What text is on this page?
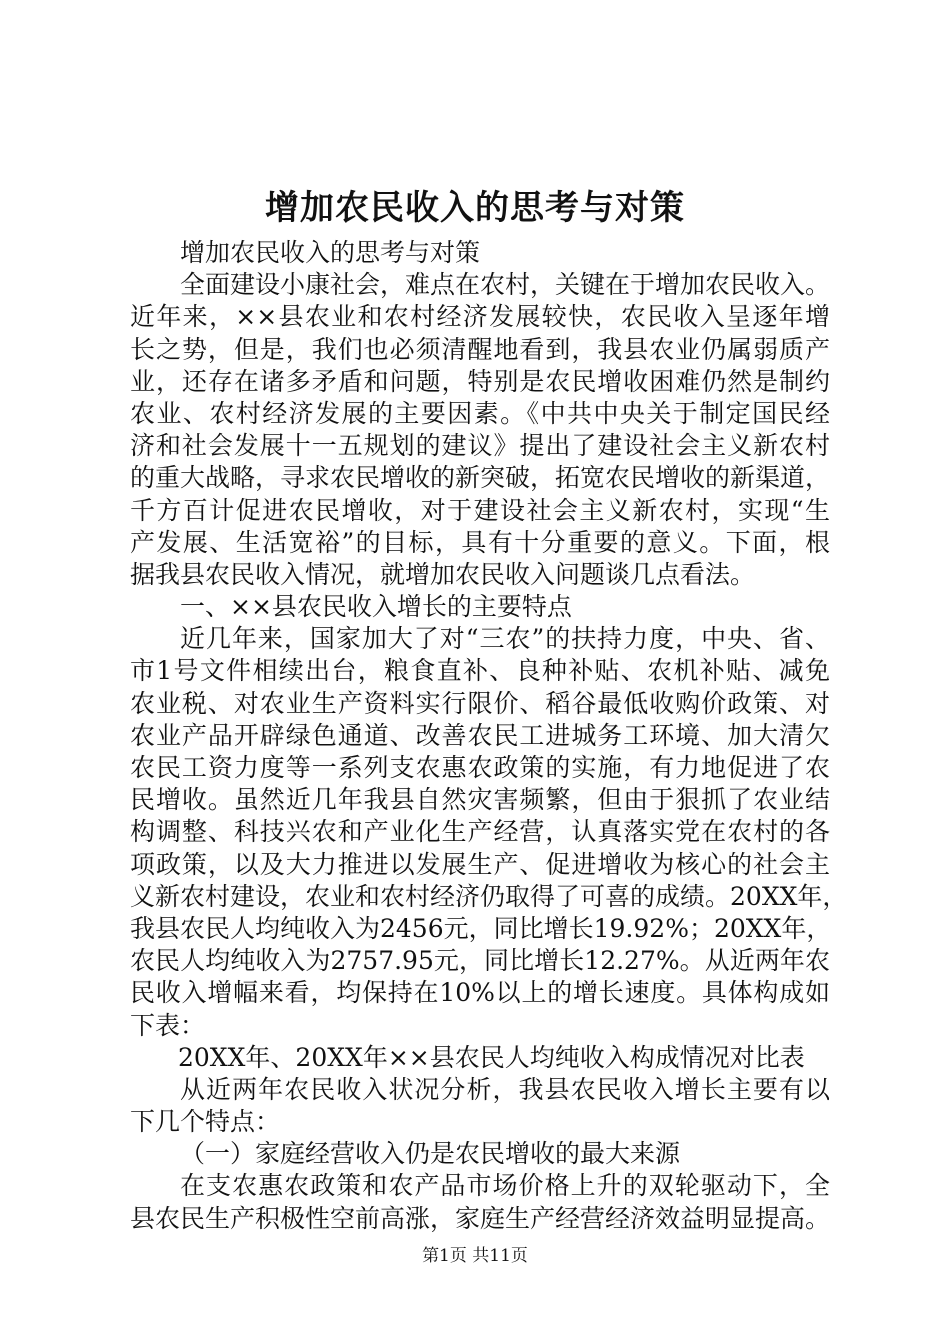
增加农民收入的思考与对策
增加农民收入的思考与对策
全面建设小康社会，难点在农村，关键在于增加农民收入。
近年来，××县农业和农村经济发展较快，农民收入呈逐年增
长之势，但是，我们也必须清醒地看到，我县农业仍属弱质产
业，还存在诸多矛盾和问题，特别是农民增收困难仍然是制约
农业、农村经济发展的主要因素。《中共中央关于制定国民经
济和社会发展十一五规划的建议》提出了建设社会主义新农村
的重大战略，寻求农民增收的新突破，拓宽农民增收的新渠道，
千方百计促进农民增收，对于建设社会主义新农村，实现“生
产发展、生活宽裕”的目标，具有十分重要的意义。下面，根
据我县农民收入情况，就增加农民收入问题谈几点看法。
一、××县农民收入增长的主要特点
近几年来，国家加大了对“三农”的扶持力度，中央、省、
市1号文件相续出台，粮食直补、良种补贴、农机补贴、减免
农业税、对农业生产资料实行限价、稻谷最低收购价政策、对
农业产品开辟绿色通道、改善农民工进城务工环境、加大清欠
农民工资力度等一系列支农惠农政策的实施，有力地促进了农
民增收。虽然近几年我县自然灾害频繁，但由于狠抓了农业结
构调整、科技兴农和产业化生产经营，认真落实党在农村的各
项政策，以及大力推进以发展生产、促进增收为核心的社会主
义新农村建设，农业和农村经济仍取得了可喜的成绩。20XX年，
我县农民人均纯收入为2456元，同比增长19.92%；20XX年，
农民人均纯收入为2757.95元，同比增长12.27%。从近两年农
民收入增幅来看，均保持在10%以上的增长速度。具体构成如
下表：
20XX年、20XX年××县农民人均纯收入构成情况对比表
从近两年农民收入状况分析，我县农民收入增长主要有以
下几个特点：
（一）家庭经营收入仍是农民增收的最大来源
在支农惠农政策和农产品市场价格上升的双轮驱动下，全
县农民生产积极性空前高涨，家庭生产经营经济效益明显提高。
第1页 共11页
